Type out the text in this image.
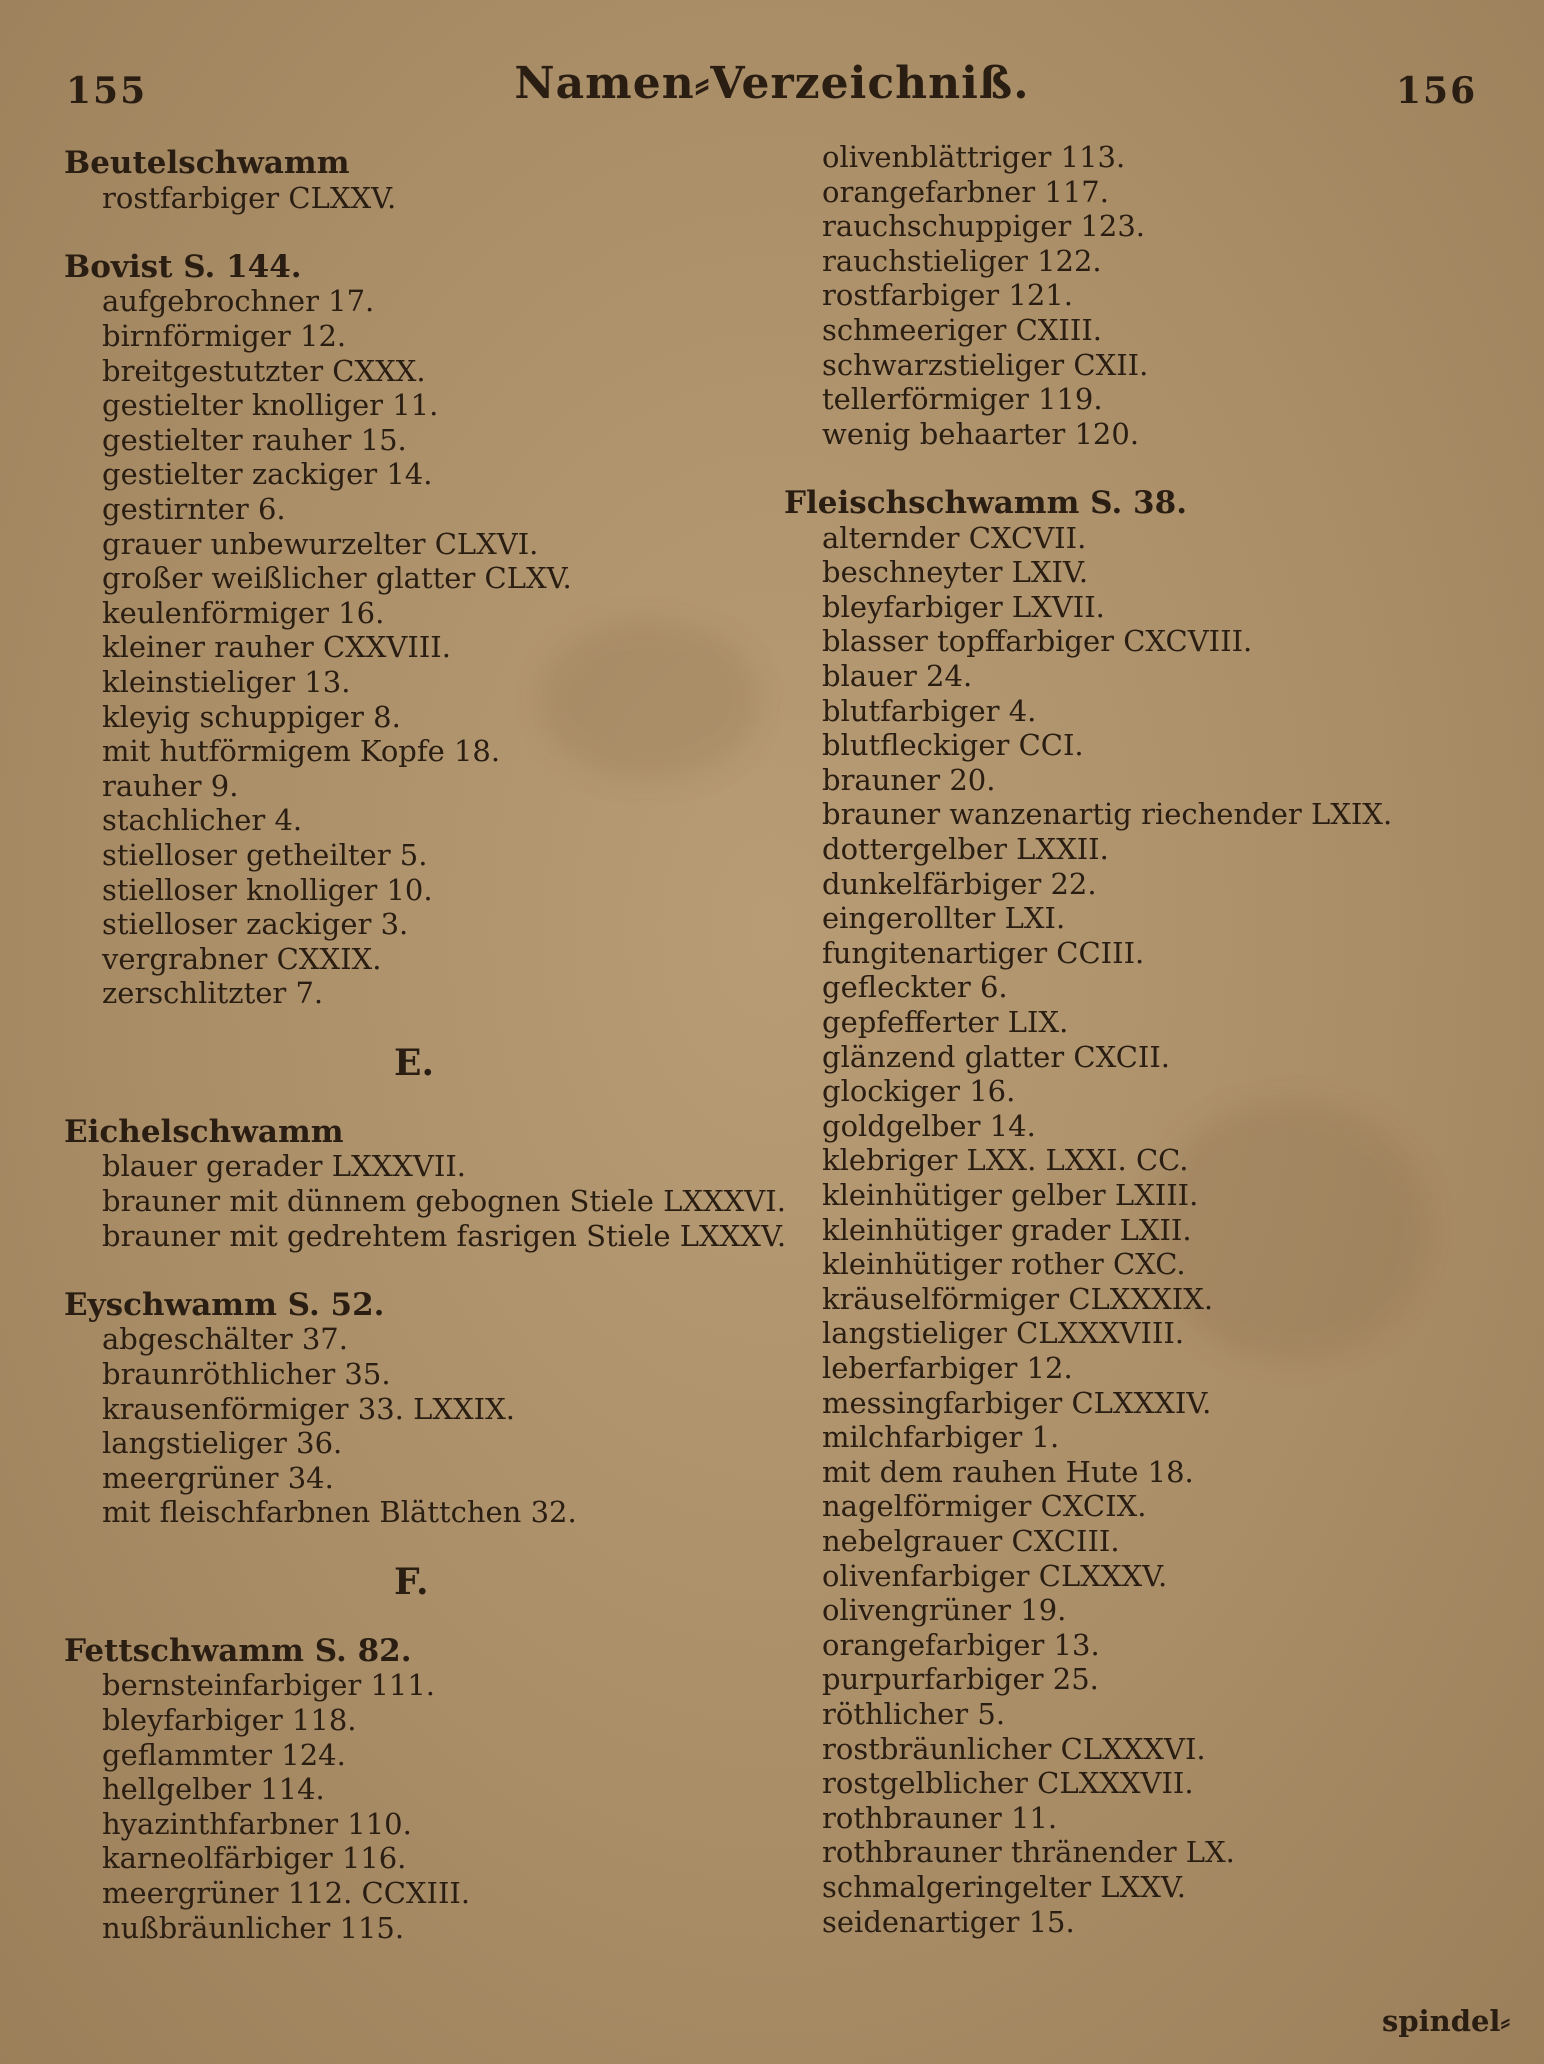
155	Namen⸗Verzeichniß.	156
Beutelschwamm
rostfarbiger CLXXV.
Bovist S. 144.
aufgebrochner 17.
birnförmiger 12.
breitgestutzter CXXX.
gestielter knolliger 11.
gestielter rauher 15.
gestielter zackiger 14.
gestirnter 6.
grauer unbewurzelter CLXVI.
großer weißlicher glatter CLXV.
keulenförmiger 16.
kleiner rauher CXXVIII.
kleinstieliger 13.
kleyig schuppiger 8.
mit hutförmigem Kopfe 18.
rauher 9.
stachlicher 4.
stielloser getheilter 5.
stielloser knolliger 10.
stielloser zackiger 3.
vergrabner CXXIX.
zerschlitzter 7.
E.
Eichelschwamm
blauer gerader LXXXVII.
brauner mit dünnem gebognen Stiele LXXXVI.
brauner mit gedrehtem fasrigen Stiele LXXXV.
Eyschwamm S. 52.
abgeschälter 37.
braunröthlicher 35.
krausenförmiger 33. LXXIX.
langstieliger 36.
meergrüner 34.
mit fleischfarbnen Blättchen 32.
F.
Fettschwamm S. 82.
bernsteinfarbiger 111.
bleyfarbiger 118.
geflammter 124.
hellgelber 114.
hyazinthfarbner 110.
karneolfärbiger 116.
meergrüner 112. CCXIII.
nußbräunlicher 115.
olivenblättriger 113.
orangefarbner 117.
rauchschuppiger 123.
rauchstieliger 122.
rostfarbiger 121.
schmeeriger CXIII.
schwarzstieliger CXII.
tellerförmiger 119.
wenig behaarter 120.
Fleischschwamm S. 38.
alternder CXCVII.
beschneyter LXIV.
bleyfarbiger LXVII.
blasser topffarbiger CXCVIII.
blauer 24.
blutfarbiger 4.
blutfleckiger CCI.
brauner 20.
brauner wanzenartig riechender LXIX.
dottergelber LXXII.
dunkelfärbiger 22.
eingerollter LXI.
fungitenartiger CCIII.
gefleckter 6.
gepfefferter LIX.
glänzend glatter CXCII.
glockiger 16.
goldgelber 14.
klebriger LXX. LXXI. CC.
kleinhütiger gelber LXIII.
kleinhütiger grader LXII.
kleinhütiger rother CXC.
kräuselförmiger CLXXXIX.
langstieliger CLXXXVIII.
leberfarbiger 12.
messingfarbiger CLXXXIV.
milchfarbiger 1.
mit dem rauhen Hute 18.
nagelförmiger CXCIX.
nebelgrauer CXCIII.
olivenfarbiger CLXXXV.
olivengrüner 19.
orangefarbiger 13.
purpurfarbiger 25.
röthlicher 5.
rostbräunlicher CLXXXVI.
rostgelblicher CLXXXVII.
rothbrauner 11.
rothbrauner thränender LX.
schmalgeringelter LXXV.
seidenartiger 15.
spindel⸗
